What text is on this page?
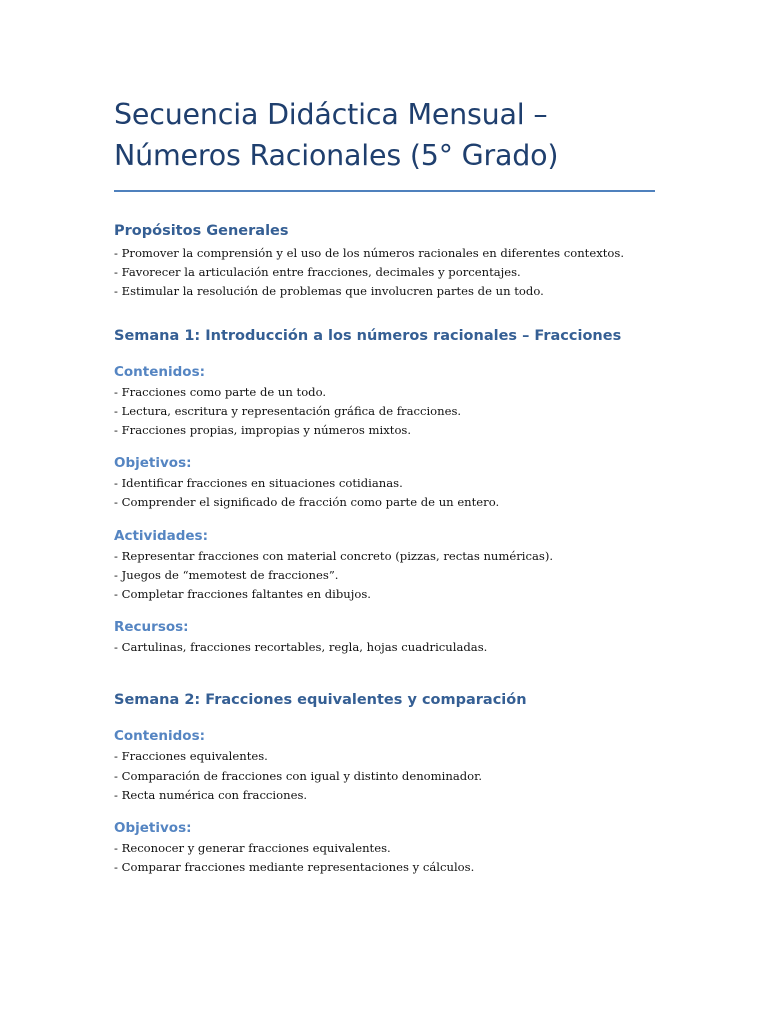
Secuencia Didáctica Mensual –
Números Racionales (5° Grado)
Propósitos Generales
- Promover la comprensión y el uso de los números racionales en diferentes contextos.
- Favorecer la articulación entre fracciones, decimales y porcentajes.
- Estimular la resolución de problemas que involucren partes de un todo.
Semana 1: Introducción a los números racionales – Fracciones
Contenidos:
- Fracciones como parte de un todo.
- Lectura, escritura y representación gráfica de fracciones.
- Fracciones propias, impropias y números mixtos.
Objetivos:
- Identificar fracciones en situaciones cotidianas.
- Comprender el significado de fracción como parte de un entero.
Actividades:
- Representar fracciones con material concreto (pizzas, rectas numéricas).
- Juegos de “memotest de fracciones”.
- Completar fracciones faltantes en dibujos.
Recursos:
- Cartulinas, fracciones recortables, regla, hojas cuadriculadas.
Semana 2: Fracciones equivalentes y comparación
Contenidos:
- Fracciones equivalentes.
- Comparación de fracciones con igual y distinto denominador.
- Recta numérica con fracciones.
Objetivos:
- Reconocer y generar fracciones equivalentes.
- Comparar fracciones mediante representaciones y cálculos.
